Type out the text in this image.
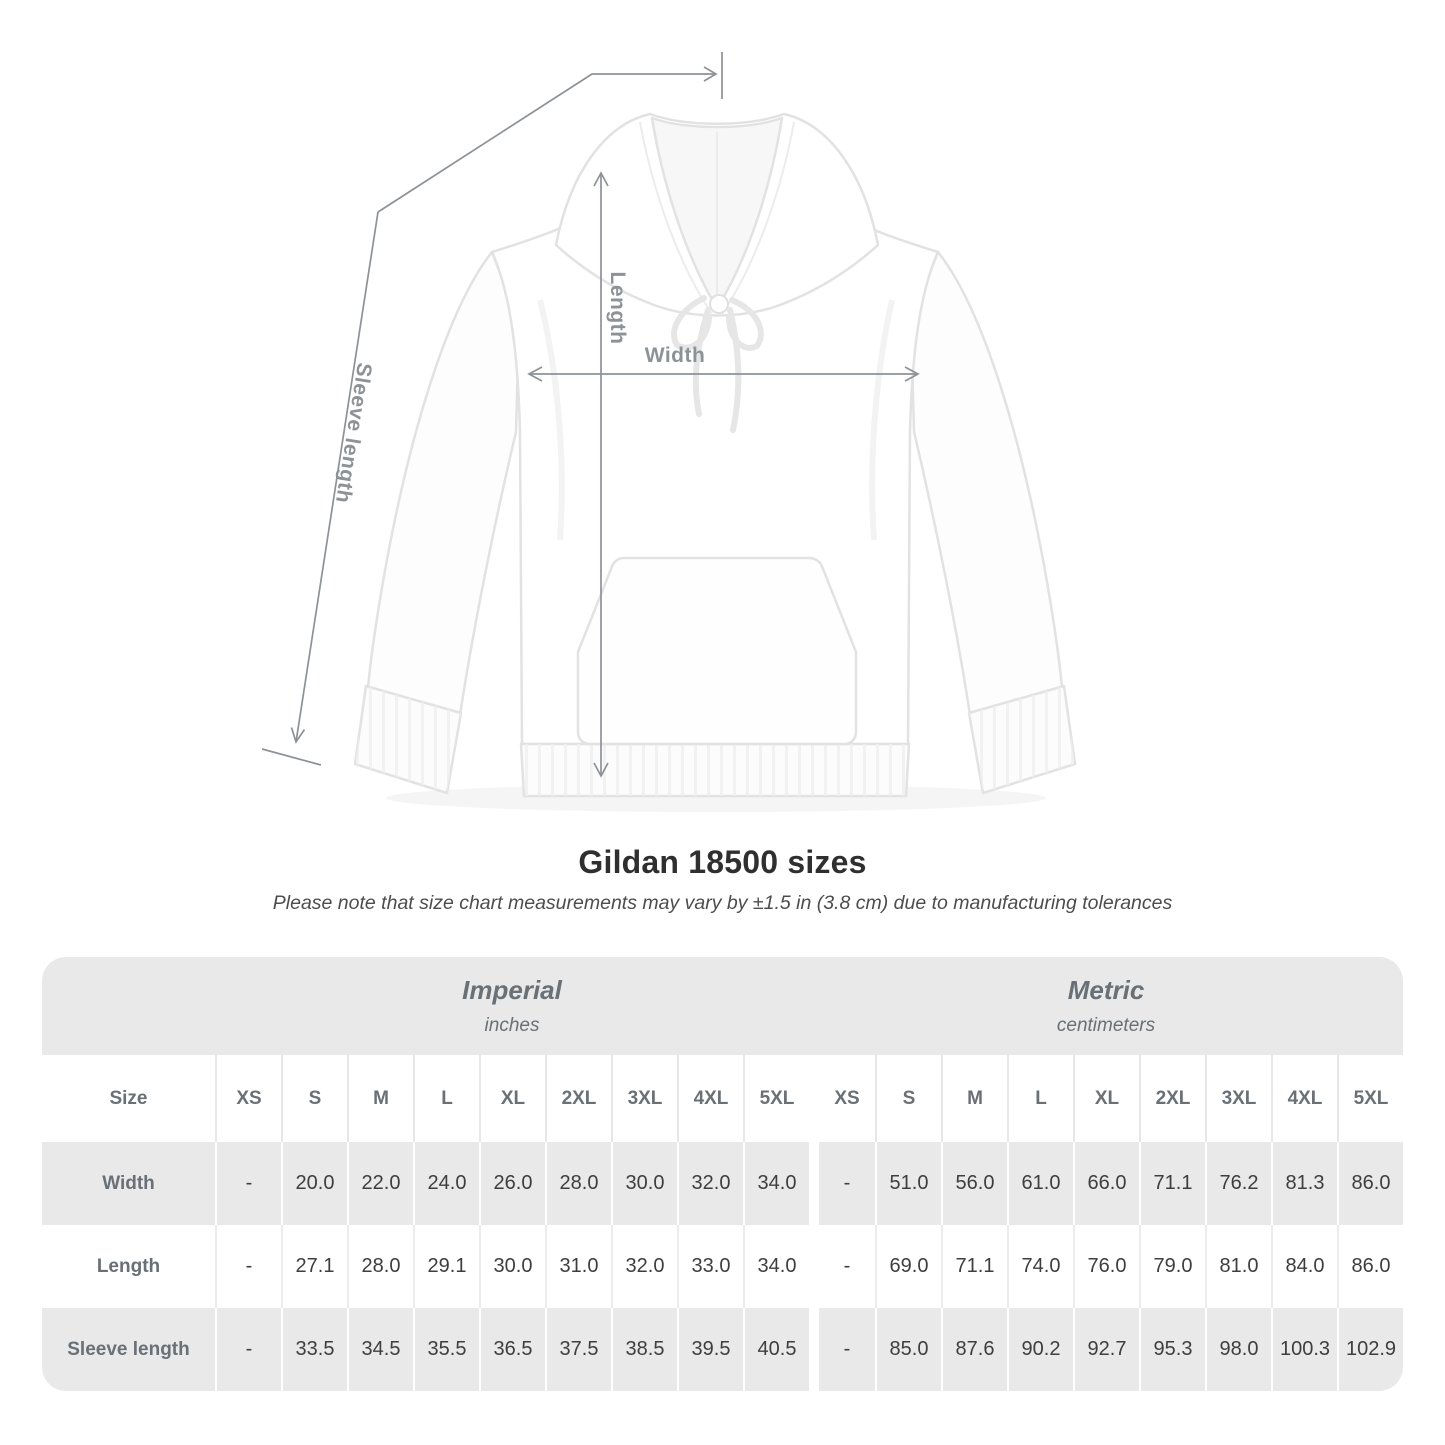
Length
Width
Sleeve length
Gildan 18500 sizes

Please note that size chart measurements may vary by ±1.5 in (3.8 cm) due to manufacturing tolerances

Imperial
inches
Metric
centimeters
Size	XS	S	M	L	XL	2XL	3XL	4XL	5XL	XS	S	M	L	XL	2XL	3XL	4XL	5XL
Width	-	20.0	22.0	24.0	26.0	28.0	30.0	32.0	34.0	-	51.0	56.0	61.0	66.0	71.1	76.2	81.3	86.0
Length	-	27.1	28.0	29.1	30.0	31.0	32.0	33.0	34.0	-	69.0	71.1	74.0	76.0	79.0	81.0	84.0	86.0
Sleeve length	-	33.5	34.5	35.5	36.5	37.5	38.5	39.5	40.5	-	85.0	87.6	90.2	92.7	95.3	98.0	100.3 102.9
